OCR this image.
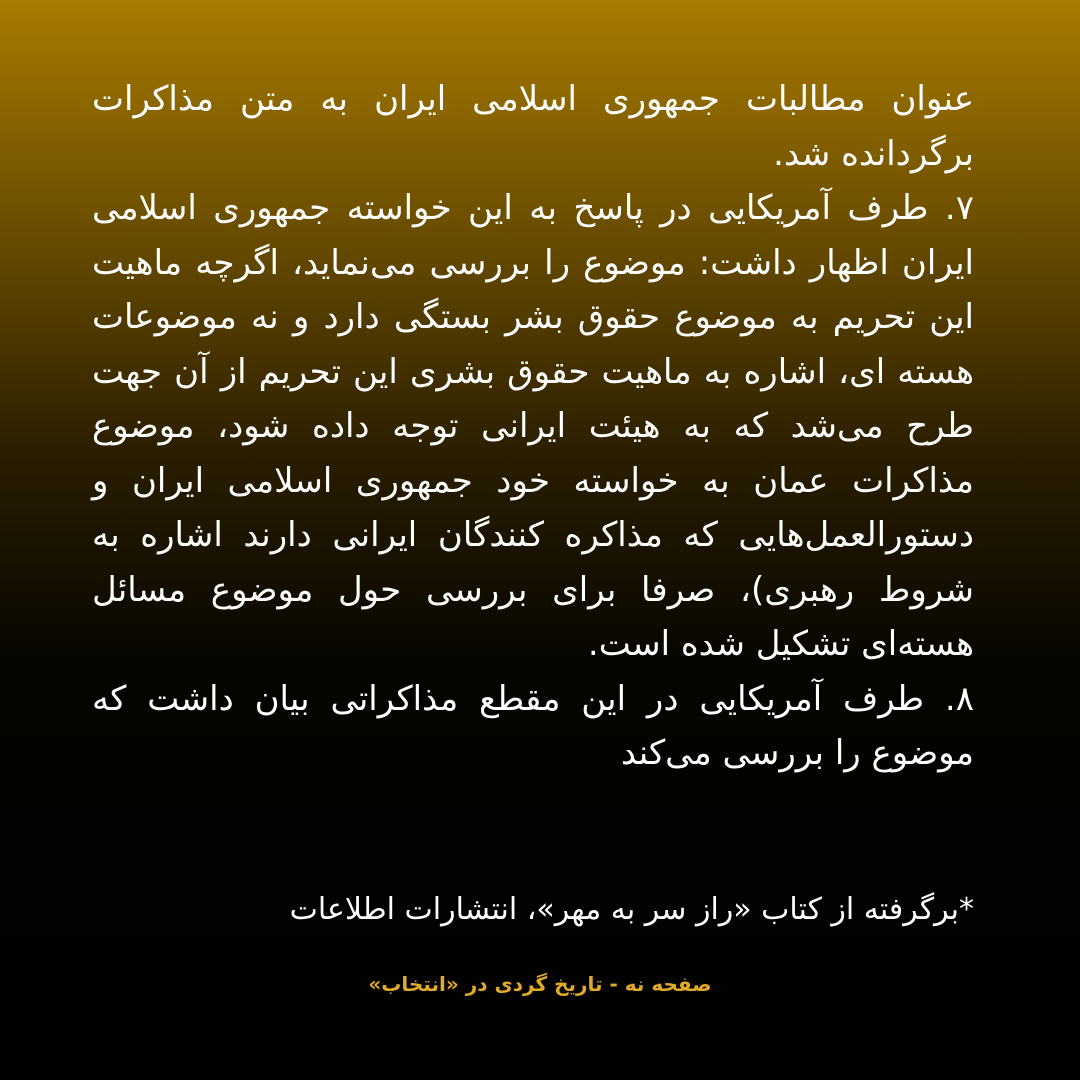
عنوان مطالبات جمهوری اسلامی ایران به متن مذاکرات برگردانده شد.

۷. طرف آمریکایی در پاسخ به این خواسته جمهوری اسلامی ایران اظهار داشت: موضوع را بررسی می‌نماید، اگرچه ماهیت این تحریم به موضوع حقوق بشر بستگی دارد و نه موضوعات هسته ای، اشاره به ماهیت حقوق بشری این تحریم از آن جهت طرح می‌شد که به هیئت ایرانی توجه داده شود، موضوع مذاکرات عمان به خواسته خود جمهوری اسلامی ایران و دستورالعمل‌هایی که مذاکره کنندگان ایرانی دارند اشاره به شروط رهبری)، صرفا برای بررسی حول موضوع مسائل هسته‌ای تشکیل شده است.

۸. طرف آمریکایی در این مقطع مذاکراتی بیان داشت که موضوع را بررسی می‌کند

*برگرفته از کتاب «راز سر به مهر»، انتشارات اطلاعات

صفحه نه - تاریخ گردی در «انتخاب»
